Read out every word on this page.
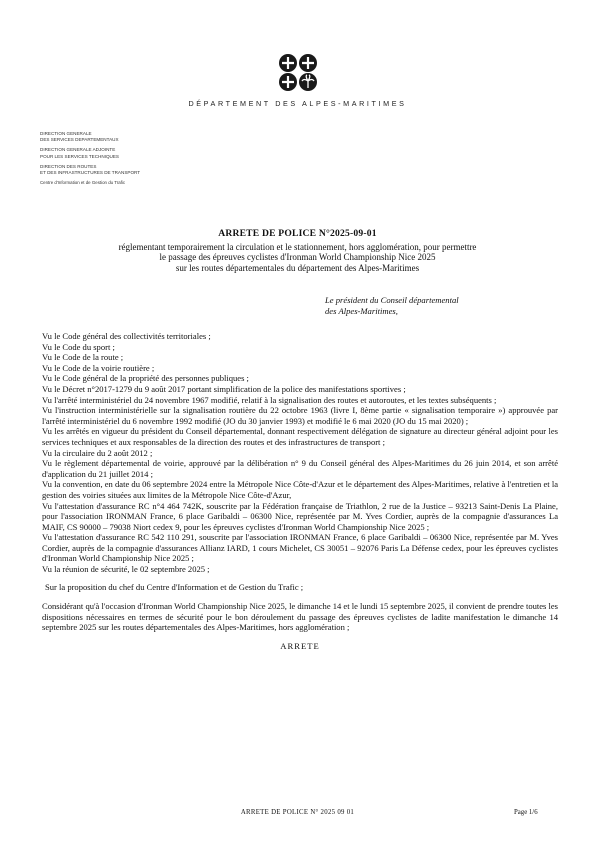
DÉPARTEMENT DES ALPES-MARITIMES
DIRECTION GENERALE
DES SERVICES DEPARTEMENTAUX
DIRECTION GENERALE ADJOINTE
POUR LES SERVICES TECHNIQUES
DIRECTION DES ROUTES
ET DES INFRASTRUCTURES DE TRANSPORT
Centre d'Information et de Gestion du Trafic
ARRETE DE POLICE N°2025-09-01
réglementant temporairement la circulation et le stationnement, hors agglomération, pour permettre
le passage des épreuves cyclistes d'Ironman World Championship Nice 2025
sur les routes départementales du département des Alpes-Maritimes
Le président du Conseil départemental
des Alpes-Maritimes,

Vu le Code général des collectivités territoriales ;

Vu le Code du sport ;

Vu le Code de la route ;

Vu le Code de la voirie routière ;

Vu le Code général de la propriété des personnes publiques ;

Vu le Décret n°2017-1279 du 9 août 2017 portant simplification de la police des manifestations sportives ;

Vu l'arrêté interministériel du 24 novembre 1967 modifié, relatif à la signalisation des routes et autoroutes, et les textes subséquents ;

Vu l'instruction interministérielle sur la signalisation routière du 22 octobre 1963 (livre I, 8ème partie « signalisation temporaire ») approuvée par l'arrêté interministériel du 6 novembre 1992 modifié (JO du 30 janvier 1993) et modifié le 6 mai 2020 (JO du 15 mai 2020) ;

Vu les arrêtés en vigueur du président du Conseil départemental, donnant respectivement délégation de signature au directeur général adjoint pour les services techniques et aux responsables de la direction des routes et des infrastructures de transport ;

Vu la circulaire du 2 août 2012 ;

Vu le règlement départemental de voirie, approuvé par la délibération n° 9 du Conseil général des Alpes-Maritimes du 26 juin 2014, et son arrêté d'application du 21 juillet 2014 ;

Vu la convention, en date du 06 septembre 2024 entre la Métropole Nice Côte-d'Azur et le département des Alpes-Maritimes, relative à l'entretien et la gestion des voiries situées aux limites de la Métropole Nice Côte-d'Azur,

Vu l'attestation d'assurance RC n°4 464 742K, souscrite par la Fédération française de Triathlon, 2 rue de la Justice – 93213 Saint-Denis La Plaine, pour l'association IRONMAN France, 6 place Garibaldi – 06300 Nice, représentée par M. Yves Cordier, auprès de la compagnie d'assurances La MAIF, CS 90000 – 79038 Niort cedex 9, pour les épreuves cyclistes d'Ironman World Championship Nice 2025 ;

Vu l'attestation d'assurance RC 542 110 291, souscrite par l'association IRONMAN France, 6 place Garibaldi – 06300 Nice, représentée par M. Yves Cordier, auprès de la compagnie d'assurances Allianz IARD, 1 cours Michelet, CS 30051 – 92076 Paris La Défense cedex, pour les épreuves cyclistes d'Ironman World Championship Nice 2025 ;

Vu la réunion de sécurité, le 02 septembre 2025 ;

Sur la proposition du chef du Centre d'Information et de Gestion du Trafic ;

Considérant qu'à l'occasion d'Ironman World Championship Nice 2025, le dimanche 14 et le lundi 15 septembre 2025, il convient de prendre toutes les dispositions nécessaires en termes de sécurité pour le bon déroulement du passage des épreuves cyclistes de ladite manifestation le dimanche 14 septembre 2025 sur les routes départementales des Alpes-Maritimes, hors agglomération ;

ARRETE
ARRETE DE POLICE N° 2025 09 01	Page 1/6
